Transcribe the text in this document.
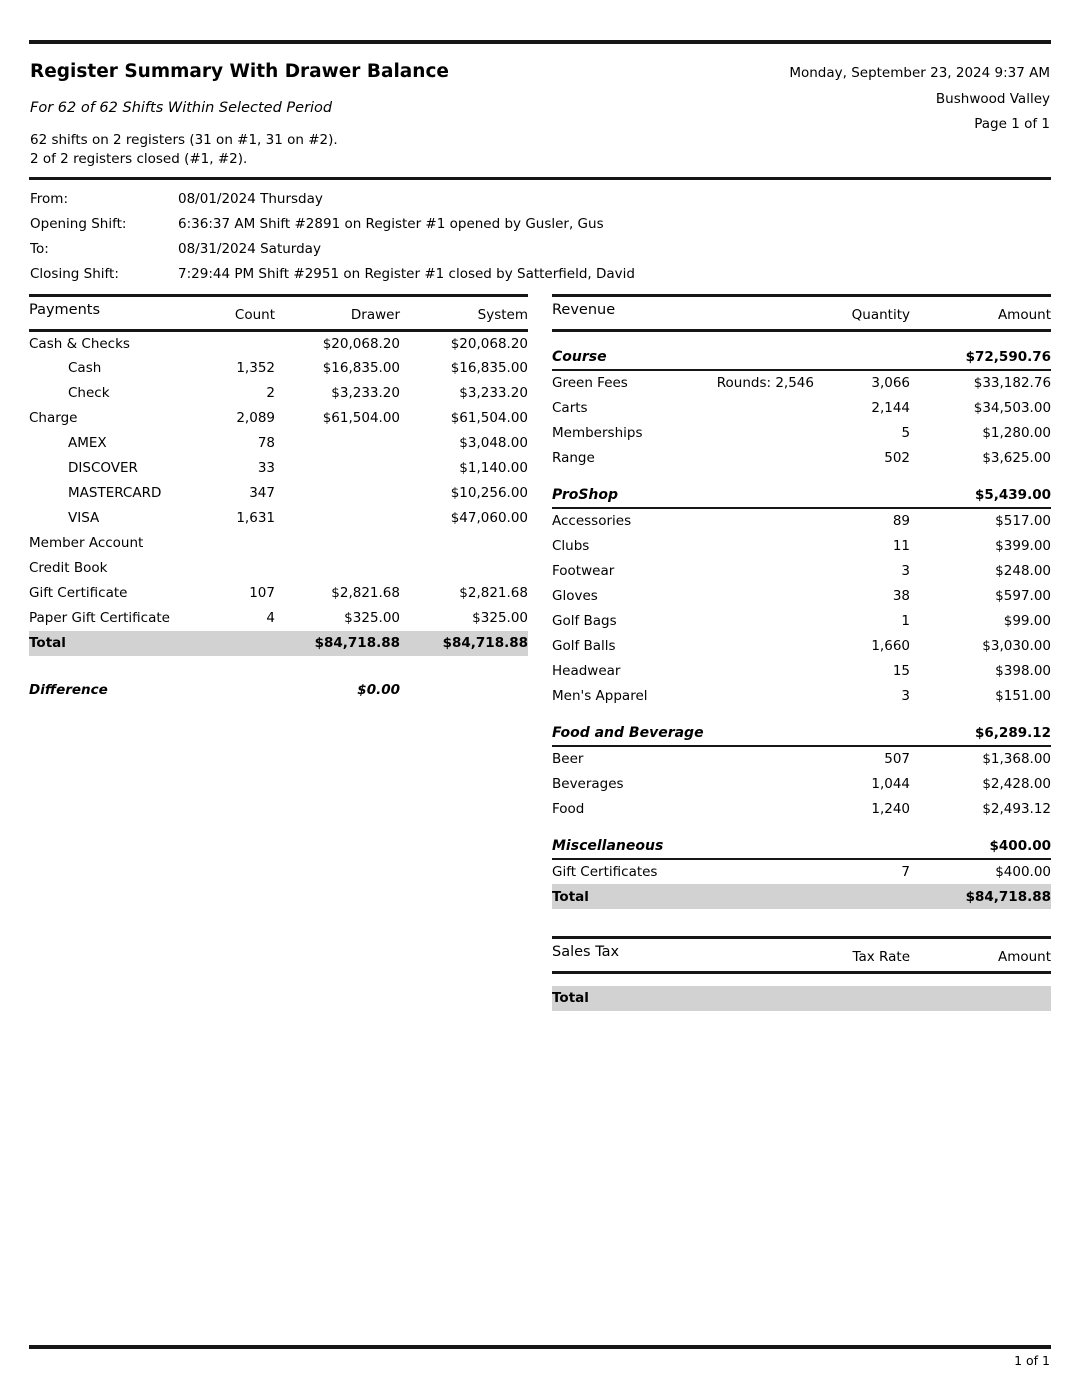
Register Summary With Drawer Balance
For 62 of 62 Shifts Within Selected Period
62 shifts on 2 registers (31 on #1, 31 on #2).
2 of 2 registers closed (#1, #2).
Monday, September 23, 2024 9:37 AM
Bushwood Valley
Page 1 of 1
From:	08/01/2024 Thursday
Opening Shift:	6:36:37 AM Shift #2891 on Register #1 opened by Gusler, Gus
To:	08/31/2024 Saturday
Closing Shift:	7:29:44 PM Shift #2951 on Register #1 closed by Satterfield, David
Payments	Count	Drawer	System
Cash & Checks		$20,068.20	$20,068.20
Cash	1,352	$16,835.00	$16,835.00
Check	2	$3,233.20	$3,233.20
Charge	2,089	$61,504.00	$61,504.00
AMEX	78		$3,048.00
DISCOVER	33		$1,140.00
MASTERCARD	347		$10,256.00
VISA	1,631		$47,060.00
Member Account			
Credit Book			
Gift Certificate	107	$2,821.68	$2,821.68
Paper Gift Certificate	4	$325.00	$325.00
Total		$84,718.88	$84,718.88
Difference		$0.00	
Revenue	Quantity	Amount
Course			$72,590.76
Green Fees	Rounds: 2,546	3,066	$33,182.76
Carts		2,144	$34,503.00
Memberships		5	$1,280.00
Range		502	$3,625.00
ProShop			$5,439.00
Accessories		89	$517.00
Clubs		11	$399.00
Footwear		3	$248.00
Gloves		38	$597.00
Golf Bags		1	$99.00
Golf Balls		1,660	$3,030.00
Headwear		15	$398.00
Men's Apparel		3	$151.00
Food and Beverage			$6,289.12
Beer		507	$1,368.00
Beverages		1,044	$2,428.00
Food		1,240	$2,493.12
Miscellaneous			$400.00
Gift Certificates		7	$400.00
Total			$84,718.88
Sales Tax	Tax Rate	Amount

Total		
1 of 1
